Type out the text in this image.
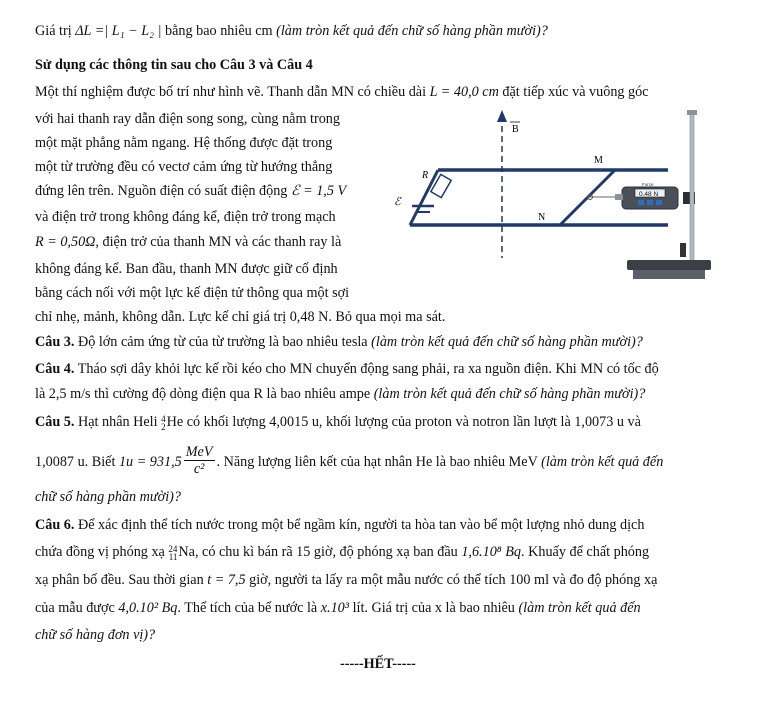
Giá trị ΔL =| L₁ − L₂ | bằng bao nhiêu cm (làm tròn kết quả đến chữ số hàng phần mười)?
Sử dụng các thông tin sau cho Câu 3 và Câu 4
Một thí nghiệm được bố trí như hình vẽ. Thanh dẫn MN có chiều dài L = 40,0 cm đặt tiếp xúc và vuông góc
với hai thanh ray dẫn điện song song, cùng nằm trong
một mặt phẳng nằm ngang. Hệ thống được đặt trong
một từ trường đều có vectơ cảm ứng từ hướng thẳng
đứng lên trên. Nguồn điện có suất điện động ℰ = 1,5 V
và điện trở trong không đáng kể, điện trở trong mạch
R = 0,50Ω, điện trở của thanh MN và các thanh ray là
không đáng kể. Ban đầu, thanh MN được giữ cố định
bằng cách nối với một lực kế điện tử thông qua một sợi
chỉ nhẹ, mảnh, không dẫn. Lực kế chỉ giá trị 0,48 N. Bỏ qua mọi ma sát.
B
R
ℰ
M
N
0.48 N
Force
Câu 3. Độ lớn cảm ứng từ của từ trường là bao nhiêu tesla (làm tròn kết quả đến chữ số hàng phần mười)?
Câu 4. Tháo sợi dây khỏi lực kế rồi kéo cho MN chuyển động sang phải, ra xa nguồn điện. Khi MN có tốc độ
là 2,5 m/s thì cường độ dòng điện qua R là bao nhiêu ampe (làm tròn kết quả đến chữ số hàng phần mười)?
Câu 5. Hạt nhân Heli 4
2 He có khối lượng 4,0015 u, khối lượng của proton và notron lần lượt là 1,0073 u và
1,0087 u. Biết $1u = 931,5 \frac{\text{MeV}}{\text{c²}}$ . Năng lượng liên kết của hạt nhân He là bao nhiêu MeV (làm tròn kết quả đến
chữ số hàng phần mười)?
Câu 6. Để xác định thể tích nước trong một bể ngầm kín, người ta hòa tan vào bể một lượng nhỏ dung dịch
chứa đồng vị phóng xạ 24
11 Na, có chu kì bán rã 15 giờ, độ phóng xạ ban đầu 1,6.10⁸ Bq. Khuấy để chất phóng
xạ phân bố đều. Sau thời gian t = 7,5 giờ, người ta lấy ra một mẫu nước có thể tích 100 ml và đo độ phóng xạ
của mẫu được 4,0.10² Bq. Thể tích của bể nước là x.10³ lít. Giá trị của x là bao nhiêu (làm tròn kết quả đến
chữ số hàng đơn vị)?
-----HẾT-----
